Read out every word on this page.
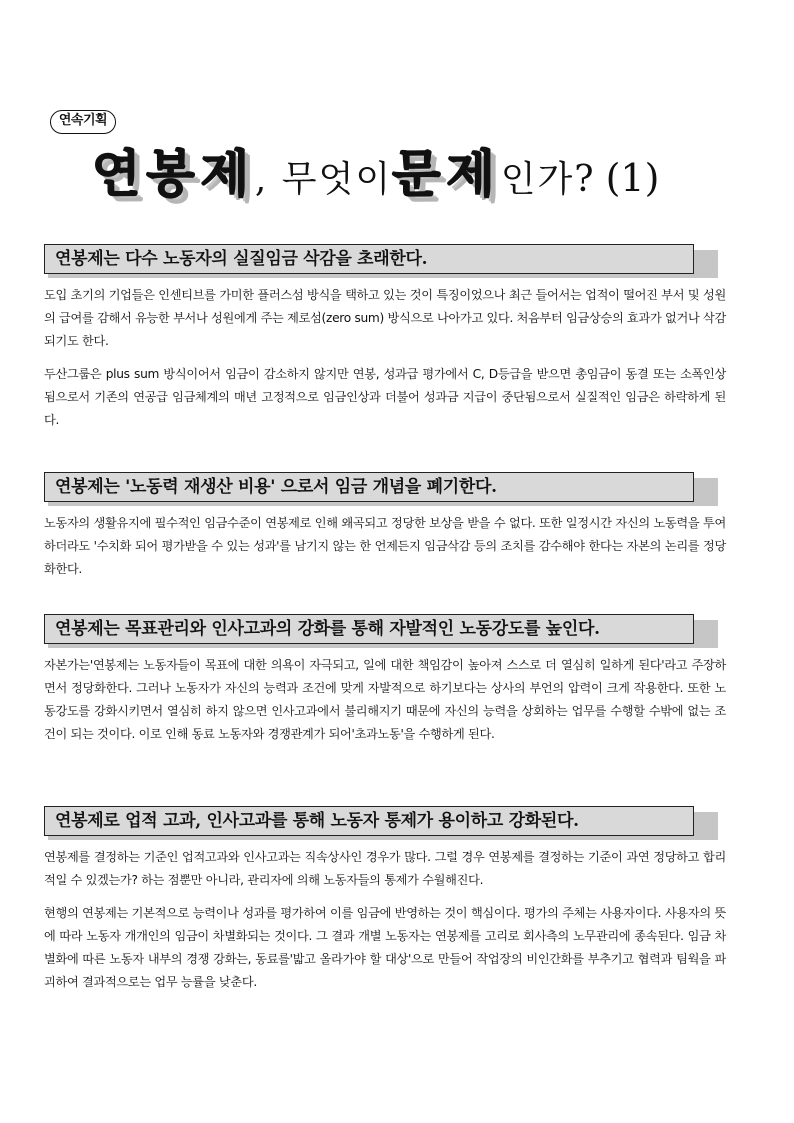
연속기획
연봉제, 무엇이문제인가? (1)
연봉제는 다수 노동자의 실질임금 삭감을 초래한다.

도입 초기의 기업들은 인센티브를 가미한 플러스섬 방식을 택하고 있는 것이 특징이었으나 최근 들어서는 업적이 떨어진 부서 및 성원의 급여를 감해서 유능한 부서나 성원에게 주는 제로섬(zero sum) 방식으로 나아가고 있다. 처음부터 임금상승의 효과가 없거나 삭감되기도 한다.

두산그룹은 plus sum 방식이어서 임금이 감소하지 않지만 연봉, 성과급 평가에서 C, D등급을 받으면 총임금이 동결 또는 소폭인상 됨으로서 기존의 연공급 임금체계의 매년 고정적으로 임금인상과 더불어 성과금 지급이 중단됨으로서 실질적인 임금은 하락하게 된다.

연봉제는 '노동력 재생산 비용' 으로서 임금 개념을 폐기한다.

노동자의 생활유지에 필수적인 임금수준이 연봉제로 인해 왜곡되고 정당한 보상을 받을 수 없다. 또한 일정시간 자신의 노동력을 투여하더라도 '수치화 되어 평가받을 수 있는 성과'를 남기지 않는 한 언제든지 임금삭감 등의 조치를 감수해야 한다는 자본의 논리를 정당화한다.

연봉제는 목표관리와 인사고과의 강화를 통해 자발적인 노동강도를 높인다.

자본가는'연봉제는 노동자들이 목표에 대한 의욕이 자극되고, 일에 대한 책임감이 높아져 스스로 더 열심히 일하게 된다'라고 주장하면서 정당화한다. 그러나 노동자가 자신의 능력과 조건에 맞게 자발적으로 하기보다는 상사의 부언의 압력이 크게 작용한다. 또한 노동강도를 강화시키면서 열심히 하지 않으면 인사고과에서 불리해지기 때문에 자신의 능력을 상회하는 업무를 수행할 수밖에 없는 조건이 되는 것이다. 이로 인해 동료 노동자와 경쟁관계가 되어'초과노동'을 수행하게 된다.

연봉제로 업적 고과, 인사고과를 통해 노동자 통제가 용이하고 강화된다.

연봉제를 결정하는 기준인 업적고과와 인사고과는 직속상사인 경우가 많다. 그럴 경우 연봉제를 결정하는 기준이 과연 정당하고 합리적일 수 있겠는가? 하는 점뿐만 아니라, 관리자에 의해 노동자들의 통제가 수월해진다.

현행의 연봉제는 기본적으로 능력이나 성과를 평가하여 이를 임금에 반영하는 것이 핵심이다. 평가의 주체는 사용자이다. 사용자의 뜻에 따라 노동자 개개인의 임금이 차별화되는 것이다. 그 결과 개별 노동자는 연봉제를 고리로 회사측의 노무관리에 종속된다. 임금 차별화에 따른 노동자 내부의 경쟁 강화는, 동료를'밟고 올라가야 할 대상'으로 만들어 작업장의 비인간화를 부추기고 협력과 팀웍을 파괴하여 결과적으로는 업무 능률을 낮춘다.
